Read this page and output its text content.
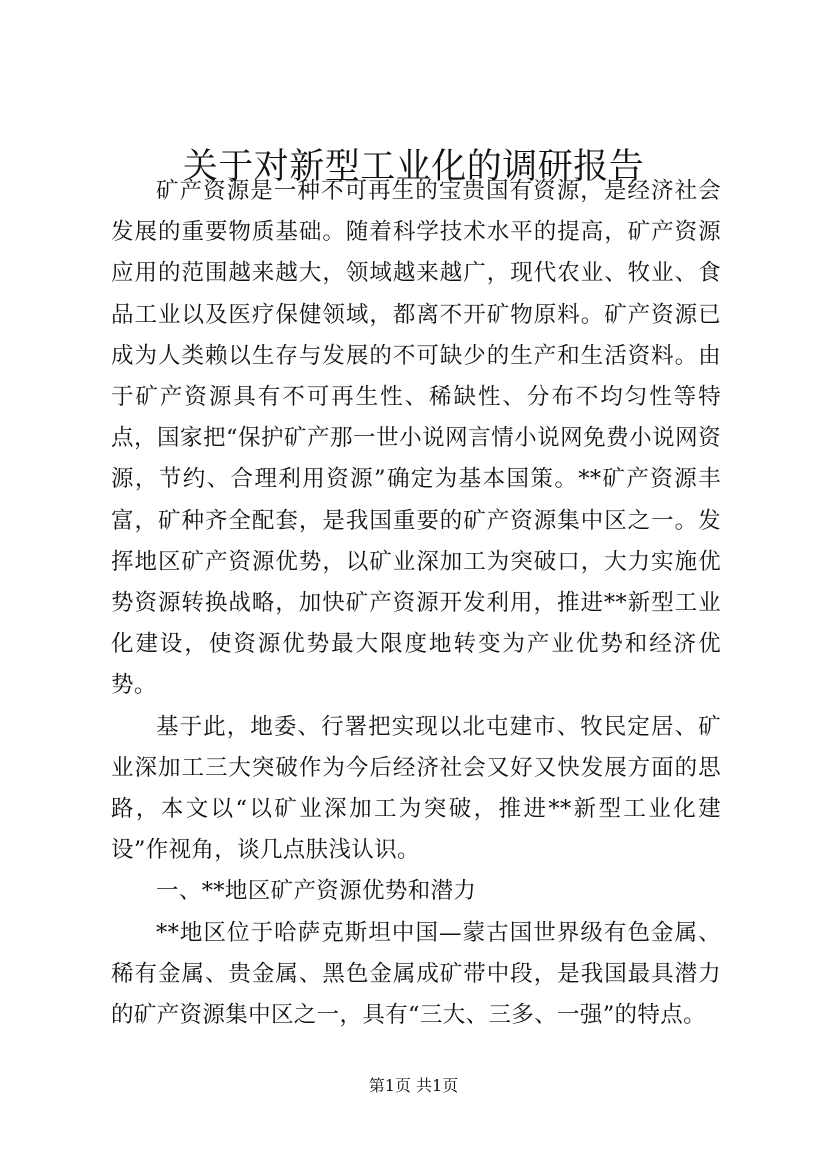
关于对新型工业化的调研报告

矿产资源是一种不可再生的宝贵国有资源，是经济社会发展的重要物质基础。随着科学技术水平的提高，矿产资源应用的范围越来越大，领域越来越广，现代农业、牧业、食品工业以及医疗保健领域，都离不开矿物原料。矿产资源已成为人类赖以生存与发展的不可缺少的生产和生活资料。由于矿产资源具有不可再生性、稀缺性、分布不均匀性等特点，国家把“保护矿产那一世小说网言情小说网免费小说网资源，节约、合理利用资源”确定为基本国策。**矿产资源丰富，矿种齐全配套，是我国重要的矿产资源集中区之一。发挥地区矿产资源优势，以矿业深加工为突破口，大力实施优势资源转换战略，加快矿产资源开发利用，推进**新型工业化建设，使资源优势最大限度地转变为产业优势和经济优势。

基于此，地委、行署把实现以北屯建市、牧民定居、矿业深加工三大突破作为今后经济社会又好又快发展方面的思路，本文以“以矿业深加工为突破，推进**新型工业化建设”作视角，谈几点肤浅认识。

一、**地区矿产资源优势和潜力

**地区位于哈萨克斯坦中国—蒙古国世界级有色金属、稀有金属、贵金属、黑色金属成矿带中段，是我国最具潜力的矿产资源集中区之一，具有“三大、三多、一强”的特点。

第1页 共1页
